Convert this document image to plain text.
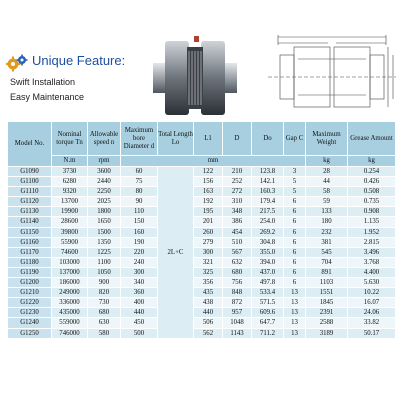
Unique Feature:
Swift Installation
Easy Maintenance
Model No.	Nominal torque Tn	Allowable speed n	Maximum bore Diameter d	Total Length Lo	L1	D	Do	Gap C	Maximum Weight	Grease Amount
	N.m	rpm	mm						kg	kg
G1090	3730	3600	60	2L+C	122	210	123.8	3	28	0.254
G1100	6280	2440	75		156	252	142.1	5	44	0.426
G1110	9320	2250	80		163	272	160.3	5	58	0.508
G1120	13700	2025	90		192	310	179.4	6	59	0.735
G1130	19900	1800	110		195	348	217.5	6	133	0.908
G1140	28600	1650	150		201	386	254.0	6	180	1.135
G1150	39800	1500	160		260	454	269.2	6	232	1.952
G1160	55900	1350	190		279	510	304.8	6	381	2.815
G1170	74600	1225	220		300	567	355.0	6	545	3.496
G1180	103000	1100	240		321	632	394.0	6	704	3.768
G1190	137000	1050	300		325	680	437.0	6	891	4.400
G1200	186000	900	340		356	756	497.8	6	1103	5.630
G1210	249000	820	360		435	848	533.4	13	1551	10.22
G1220	336000	730	400		438	872	571.5	13	1845	16.07
G1230	435000	680	440		440	957	609.6	13	2391	24.06
G1240	559000	630	450		506	1048	647.7	13	2588	33.82
G1250	746000	580	500		562	1143	711.2	13	3189	50.17
